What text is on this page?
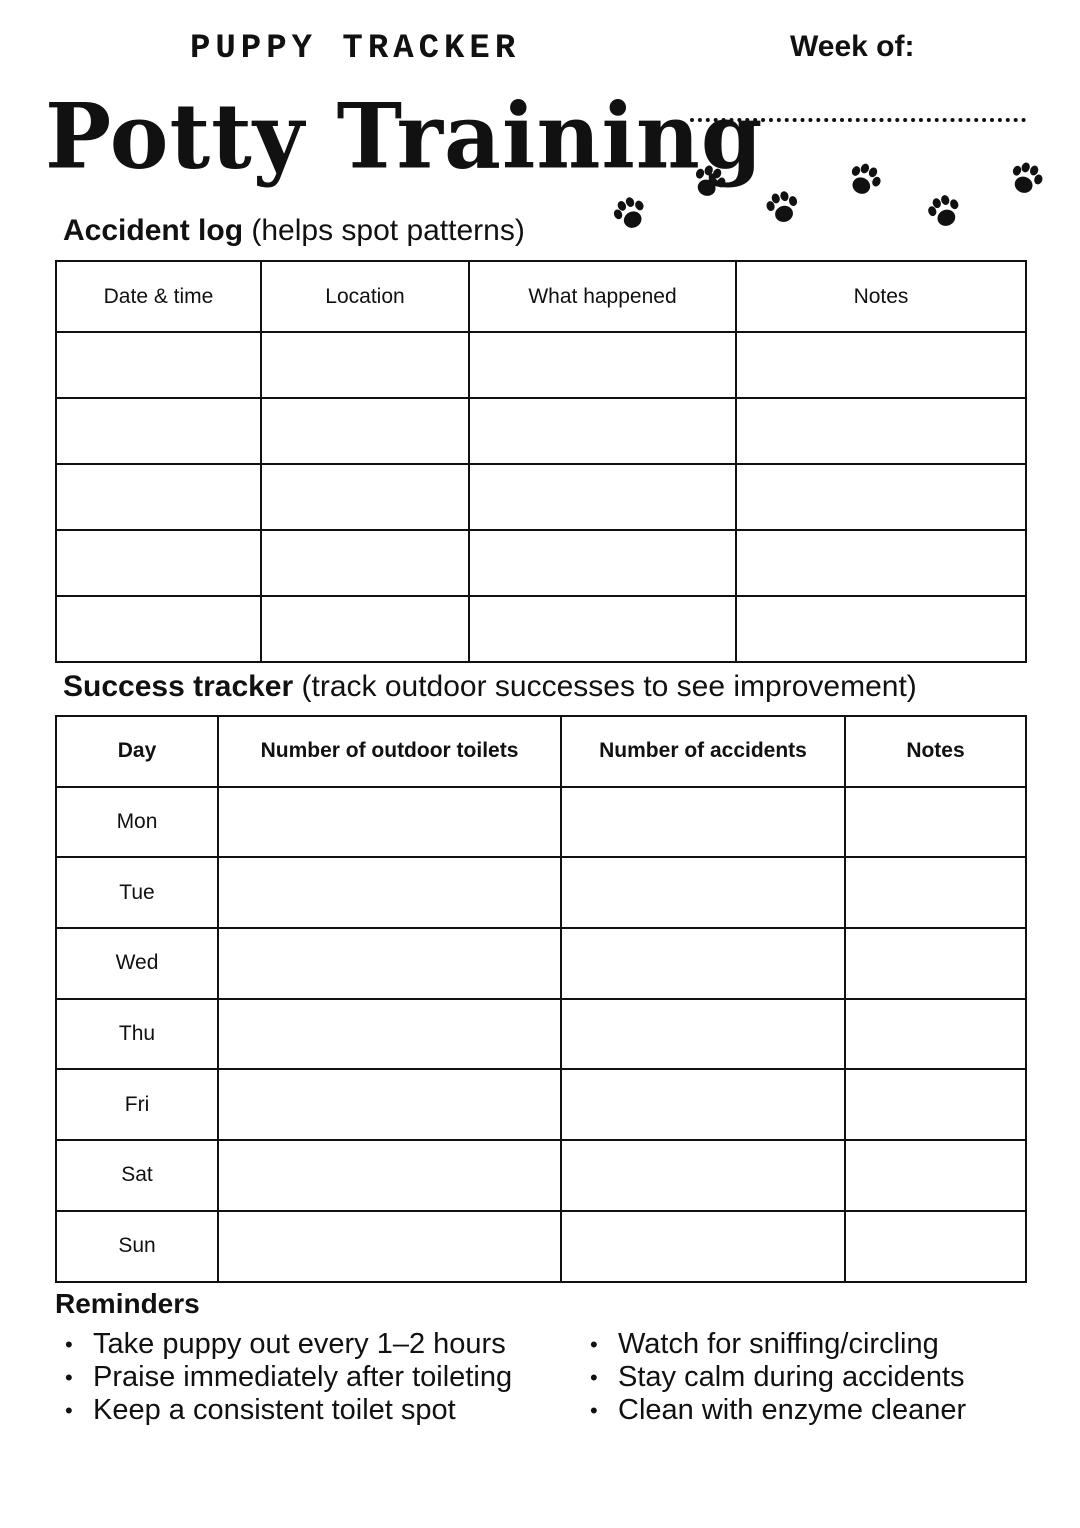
PUPPY TRACKER
Potty Training
Week of:
Accident log (helps spot patterns)
Date & time	Location	What happened	Notes

Success tracker (track outdoor successes to see improvement)
Day	Number of outdoor toilets	Number of accidents	Notes
Mon			
Tue			
Wed			
Thu			
Fri			
Sat			
Sun			
Reminders
• Take puppy out every 1–2 hours
• Praise immediately after toileting
• Keep a consistent toilet spot
• Watch for sniffing/circling
• Stay calm during accidents
• Clean with enzyme cleaner
